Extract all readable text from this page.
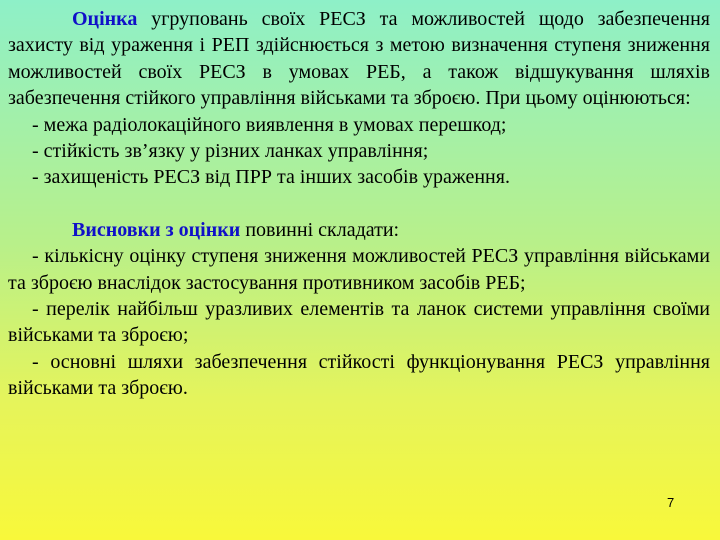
Оцінка угруповань своїх РЕСЗ та можливостей щодо забезпечення захисту від ураження і РЕП здійснюється з метою визначення ступеня зниження можливостей своїх РЕСЗ в умовах РЕБ, а також відшукування шляхів забезпечення стійкого управління військами та зброєю. При цьому оцінюються:

- межа радіолокаційного виявлення в умовах перешкод;

- стійкість зв’язку у різних ланках управління;

- захищеність РЕСЗ від ПРР та інших засобів ураження.

Висновки з оцінки повинні складати:

- кількісну оцінку ступеня зниження можливостей РЕСЗ управління військами та зброєю внаслідок застосування противником засобів РЕБ;

- перелік найбільш уразливих елементів та ланок системи управління своїми військами та зброєю;

- основні шляхи забезпечення стійкості функціонування РЕСЗ управління військами та зброєю.

7
